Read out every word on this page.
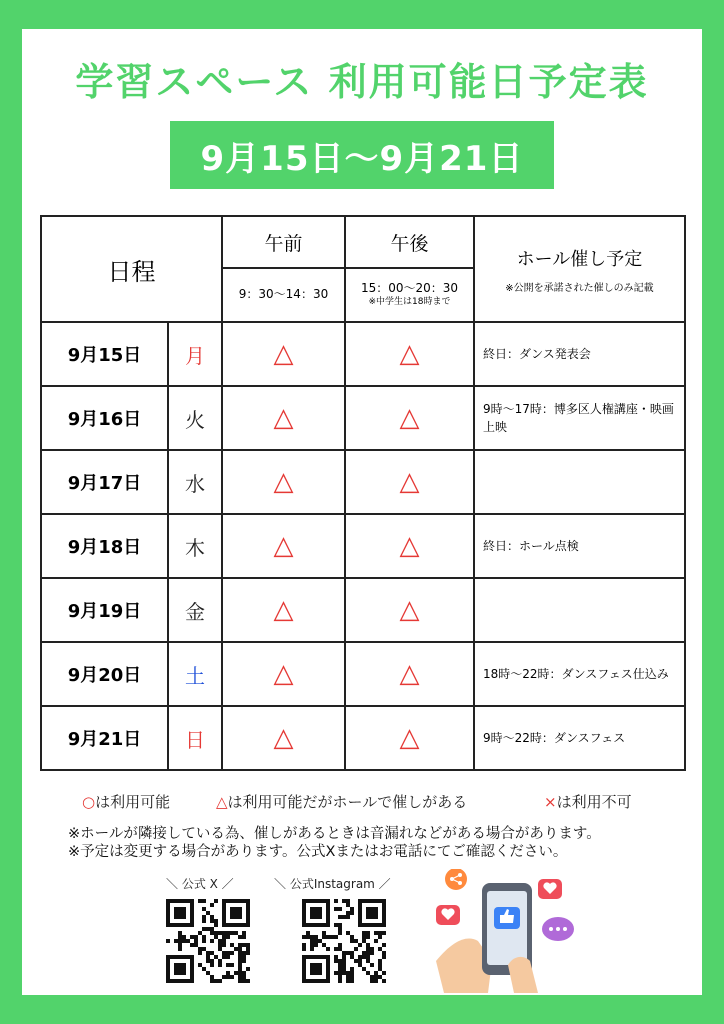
学習スペース 利用可能日予定表
9月15日〜9月21日
日程		午前	午後	ホール催し予定
※公開を承諾された催しのみ記載

		9：30〜14：30	15：00〜20：30
※中学生は18時まで	

9月15日	月	△	△	終日：ダンス発表会
9月16日	火	△	△	9時〜17時：博多区人権講座・映画上映
9月17日	水	△	△	
9月18日	木	△	△	終日：ホール点検
9月19日	金	△	△	
9月20日	土	△	△	18時〜22時：ダンスフェス仕込み
9月21日	日	△	△	9時〜22時：ダンスフェス
○は利用可能	△は利用可能だがホールで催しがある	×は利用不可
※ホールが隣接している為、催しがあるときは音漏れなどがある場合があります。
※予定は変更する場合があります。公式Xまたはお電話にてご確認ください。
＼ 公式 X ／	＼ 公式Instagram ／
